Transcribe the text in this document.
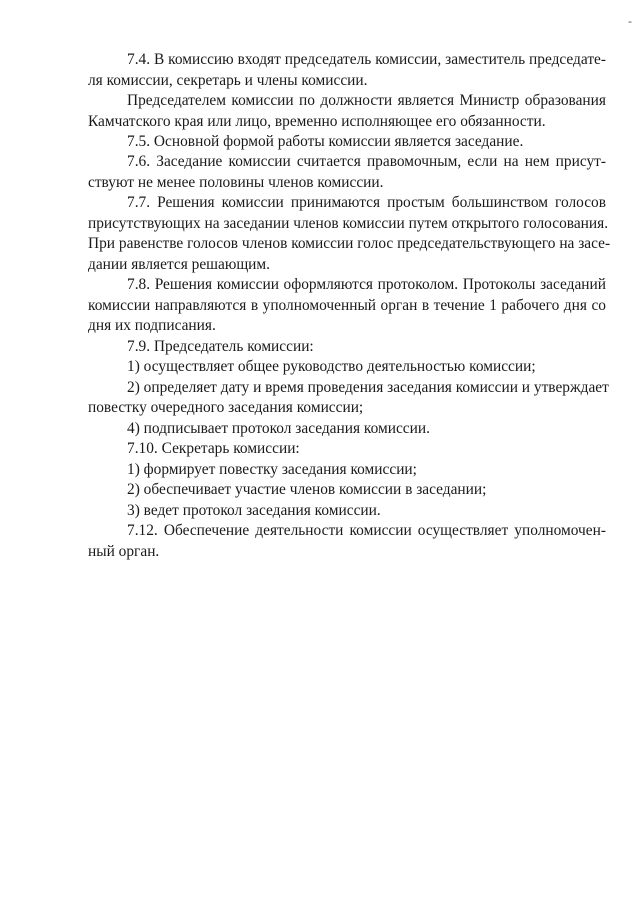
-
7.4. В комиссию входят председатель комиссии, заместитель председате-
ля комиссии, секретарь и члены комиссии.
Председателем комиссии по должности является Министр образования
Камчатского края или лицо, временно исполняющее его обязанности.
7.5. Основной формой работы комиссии является заседание.
7.6. Заседание комиссии считается правомочным, если на нем присут-
ствуют не менее половины членов комиссии.
7.7. Решения комиссии принимаются простым большинством голосов
присутствующих на заседании членов комиссии путем открытого голосования.
При равенстве голосов членов комиссии голос председательствующего на засе-
дании является решающим.
7.8. Решения комиссии оформляются протоколом. Протоколы заседаний
комиссии направляются в уполномоченный орган в течение 1 рабочего дня со
дня их подписания.
7.9. Председатель комиссии:
1) осуществляет общее руководство деятельностью комиссии;
2) определяет дату и время проведения заседания комиссии и утверждает
повестку очередного заседания комиссии;
4) подписывает протокол заседания комиссии.
7.10. Секретарь комиссии:
1) формирует повестку заседания комиссии;
2) обеспечивает участие членов комиссии в заседании;
3) ведет протокол заседания комиссии.
7.12. Обеспечение деятельности комиссии осуществляет уполномочен-
ный орган.
